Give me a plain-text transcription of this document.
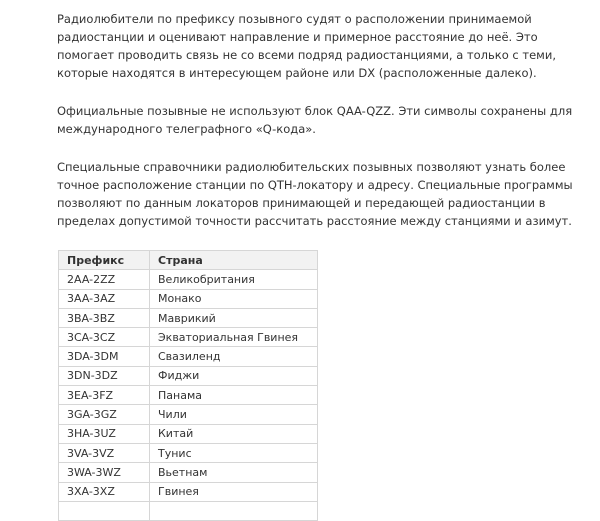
Радиолюбители по префиксу позывного судят о расположении принимаемой радиостанции и оценивают направление и примерное расстояние до неё. Это помогает проводить связь не со всеми подряд радиостанциями, а только с теми, которые находятся в интересующем районе или DX (расположенные далеко).

Официальные позывные не используют блок QAA-QZZ. Эти символы сохранены для международного телеграфного «Q-кода».

Специальные справочники радиолюбительских позывных позволяют узнать более точное расположение станции по QTH-локатору и адресу. Специальные программы позволяют по данным локаторов принимающей и передающей радиостанции в пределах допустимой точности рассчитать расстояние между станциями и азимут.

Префикс	Страна
2AA-2ZZ	Великобритания
3AA-3AZ	Монако
3BA-3BZ	Маврикий
3CA-3CZ	Экваториальная Гвинея
3DA-3DM	Свазиленд
3DN-3DZ	Фиджи
3EA-3FZ	Панама
3GA-3GZ	Чили
3HA-3UZ	Китай
3VA-3VZ	Тунис
3WA-3WZ	Вьетнам
3XA-3XZ	Гвинея
